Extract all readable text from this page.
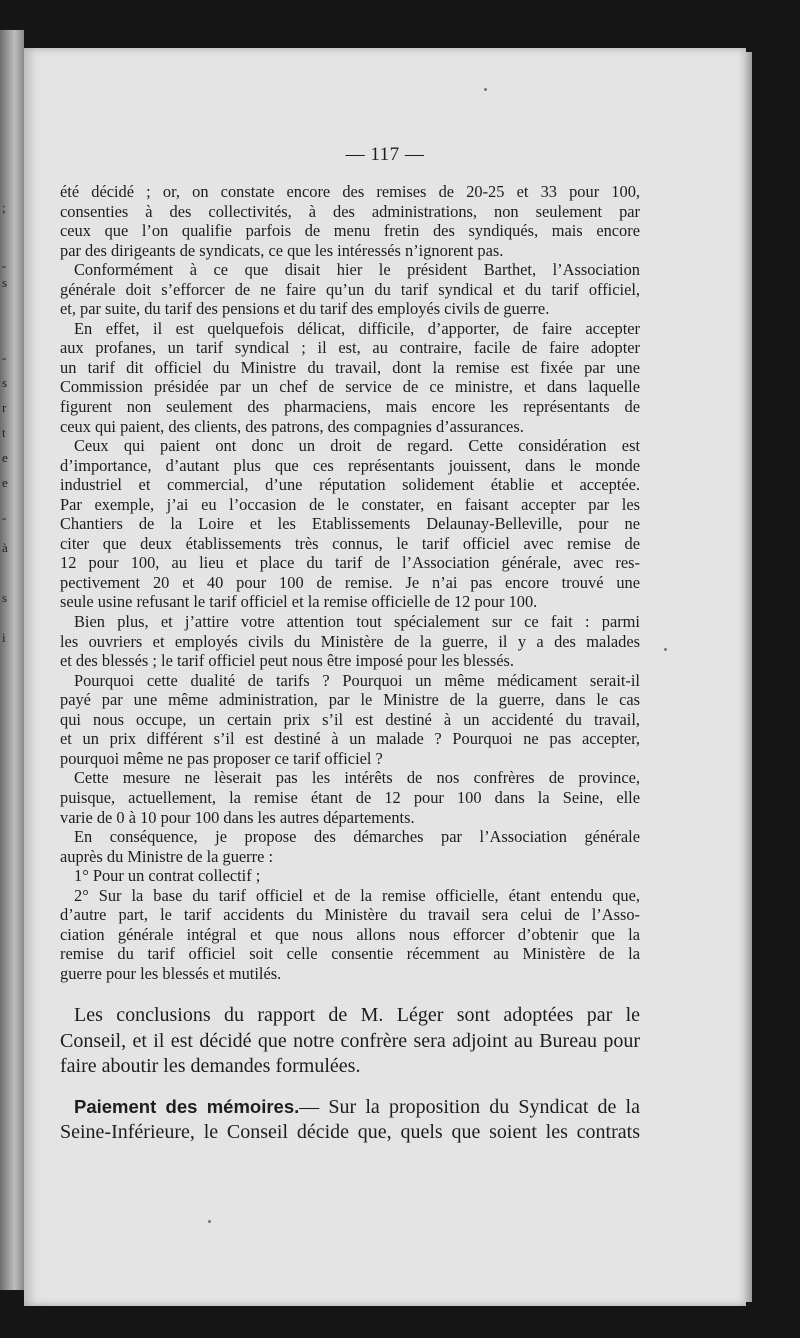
;
-
s
-
s
r
t
e
e
-
à
s
i
— 117 —

été décidé ; or, on constate encore des remises de 20-25 et 33 pour 100,

consenties à des collectivités, à des administrations, non seulement par

ceux que l’on qualifie parfois de menu fretin des syndiqués, mais encore

par des dirigeants de syndicats, ce que les intéressés n’ignorent pas.

Conformément à ce que disait hier le président Barthet, l’Association

générale doit s’efforcer de ne faire qu’un du tarif syndical et du tarif officiel,

et, par suite, du tarif des pensions et du tarif des employés civils de guerre.

En effet, il est quelquefois délicat, difficile, d’apporter, de faire accepter

aux profanes, un tarif syndical ; il est, au contraire, facile de faire adopter

un tarif dit officiel du Ministre du travail, dont la remise est fixée par une

Commission présidée par un chef de service de ce ministre, et dans laquelle

figurent non seulement des pharmaciens, mais encore les représentants de

ceux qui paient, des clients, des patrons, des compagnies d’assurances.

Ceux qui paient ont donc un droit de regard. Cette considération est

d’importance, d’autant plus que ces représentants jouissent, dans le monde

industriel et commercial, d’une réputation solidement établie et acceptée.

Par exemple, j’ai eu l’occasion de le constater, en faisant accepter par les

Chantiers de la Loire et les Etablissements Delaunay-Belleville, pour ne

citer que deux établissements très connus, le tarif officiel avec remise de

12 pour 100, au lieu et place du tarif de l’Association générale, avec res-

pectivement 20 et 40 pour 100 de remise. Je n’ai pas encore trouvé une

seule usine refusant le tarif officiel et la remise officielle de 12 pour 100.

Bien plus, et j’attire votre attention tout spécialement sur ce fait : parmi

les ouvriers et employés civils du Ministère de la guerre, il y a des malades

et des blessés ; le tarif officiel peut nous être imposé pour les blessés.

Pourquoi cette dualité de tarifs ? Pourquoi un même médicament serait-il

payé par une même administration, par le Ministre de la guerre, dans le cas

qui nous occupe, un certain prix s’il est destiné à un accidenté du travail,

et un prix différent s’il est destiné à un malade ? Pourquoi ne pas accepter,

pourquoi même ne pas proposer ce tarif officiel ?

Cette mesure ne lèserait pas les intérêts de nos confrères de province,

puisque, actuellement, la remise étant de 12 pour 100 dans la Seine, elle

varie de 0 à 10 pour 100 dans les autres départements.

En conséquence, je propose des démarches par l’Association générale

auprès du Ministre de la guerre :

1° Pour un contrat collectif ;

2° Sur la base du tarif officiel et de la remise officielle, étant entendu que,

d’autre part, le tarif accidents du Ministère du travail sera celui de l’Asso-

ciation générale intégral et que nous allons nous efforcer d’obtenir que la

remise du tarif officiel soit celle consentie récemment au Ministère de la

guerre pour les blessés et mutilés.

Les conclusions du rapport de M. Léger sont adoptées par le

Conseil, et il est décidé que notre confrère sera adjoint au Bureau pour

faire aboutir les demandes formulées.

Paiement des mémoires.— Sur la proposition du Syndicat de la

Seine-Inférieure, le Conseil décide que, quels que soient les contrats
